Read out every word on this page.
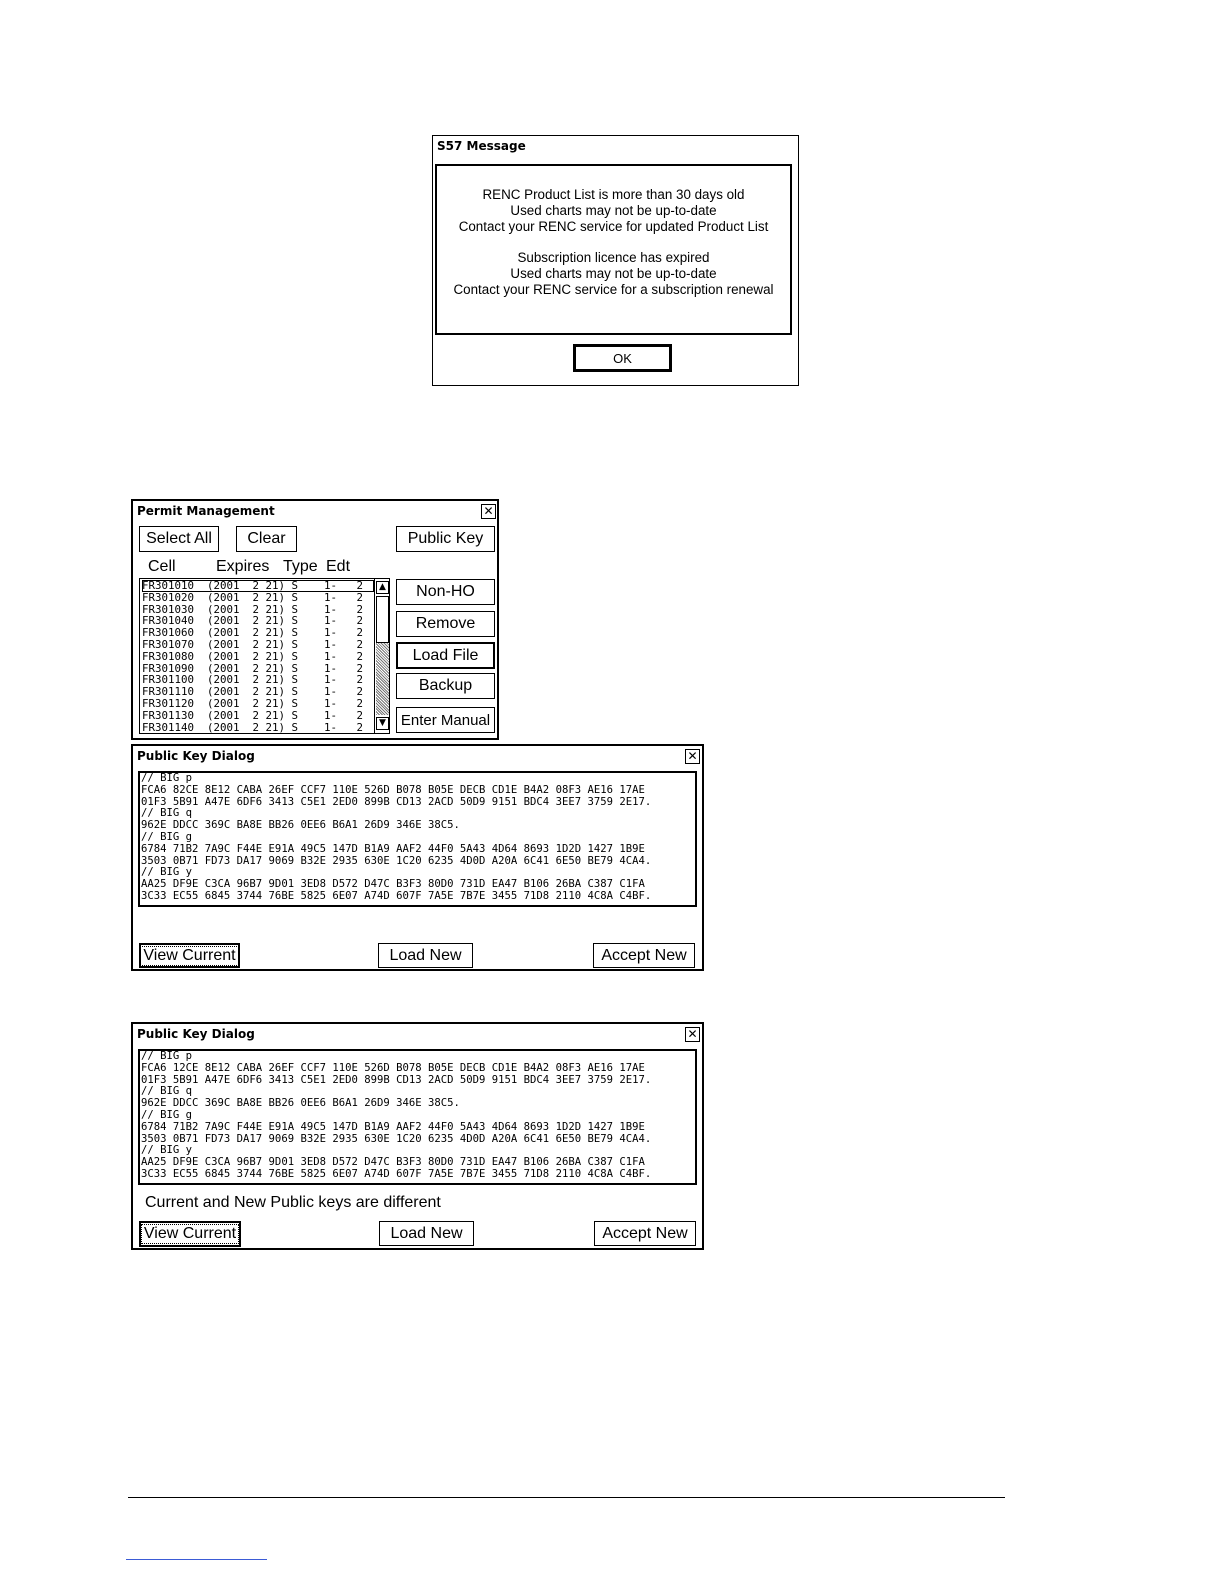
S57 Message
RENC Product List is more than 30 days old
Used charts may not be up-to-date
Contact your RENC service for updated Product List
Subscription licence has expired
Used charts may not be up-to-date
Contact your RENC service for a subscription renewal
OK
Permit Management	✕
Select All Clear	Public Key
Cell	Expires Type Edt
FR301010  (2001  2 21) S    1-   2
FR301020  (2001  2 21) S    1-   2
FR301030  (2001  2 21) S    1-   2
FR301040  (2001  2 21) S    1-   2
FR301060  (2001  2 21) S    1-   2
FR301070  (2001  2 21) S    1-   2
FR301080  (2001  2 21) S    1-   2
FR301090  (2001  2 21) S    1-   2
FR301100  (2001  2 21) S    1-   2
FR301110  (2001  2 21) S    1-   2
FR301120  (2001  2 21) S    1-   2
FR301130  (2001  2 21) S    1-   2
FR301140  (2001  2 21) S    1-   2
▲
▼
Non-HO
Remove
Load File
Backup
Enter Manual
Public Key Dialog	✕
// BIG p
FCA6 82CE 8E12 CABA 26EF CCF7 110E 526D B078 B05E DECB CD1E B4A2 08F3 AE16 17AE
01F3 5B91 A47E 6DF6 3413 C5E1 2ED0 899B CD13 2ACD 50D9 9151 BDC4 3EE7 3759 2E17.
// BIG q
962E DDCC 369C BA8E BB26 0EE6 B6A1 26D9 346E 38C5.
// BIG g
6784 71B2 7A9C F44E E91A 49C5 147D B1A9 AAF2 44F0 5A43 4D64 8693 1D2D 1427 1B9E
3503 0B71 FD73 DA17 9069 B32E 2935 630E 1C20 6235 4D0D A20A 6C41 6E50 BE79 4CA4.
// BIG y
AA25 DF9E C3CA 96B7 9D01 3ED8 D572 D47C B3F3 80D0 731D EA47 B106 26BA C387 C1FA
3C33 EC55 6845 3744 76BE 5825 6E07 A74D 607F 7A5E 7B7E 3455 71D8 2110 4C8A C4BF.
View Current	Load New	Accept New
Public Key Dialog	✕
// BIG p
FCA6 12CE 8E12 CABA 26EF CCF7 110E 526D B078 B05E DECB CD1E B4A2 08F3 AE16 17AE
01F3 5B91 A47E 6DF6 3413 C5E1 2ED0 899B CD13 2ACD 50D9 9151 BDC4 3EE7 3759 2E17.
// BIG q
962E DDCC 369C BA8E BB26 0EE6 B6A1 26D9 346E 38C5.
// BIG g
6784 71B2 7A9C F44E E91A 49C5 147D B1A9 AAF2 44F0 5A43 4D64 8693 1D2D 1427 1B9E
3503 0B71 FD73 DA17 9069 B32E 2935 630E 1C20 6235 4D0D A20A 6C41 6E50 BE79 4CA4.
// BIG y
AA25 DF9E C3CA 96B7 9D01 3ED8 D572 D47C B3F3 80D0 731D EA47 B106 26BA C387 C1FA
3C33 EC55 6845 3744 76BE 5825 6E07 A74D 607F 7A5E 7B7E 3455 71D8 2110 4C8A C4BF.
Current and New Public keys are different
View Current	Load New	Accept New
